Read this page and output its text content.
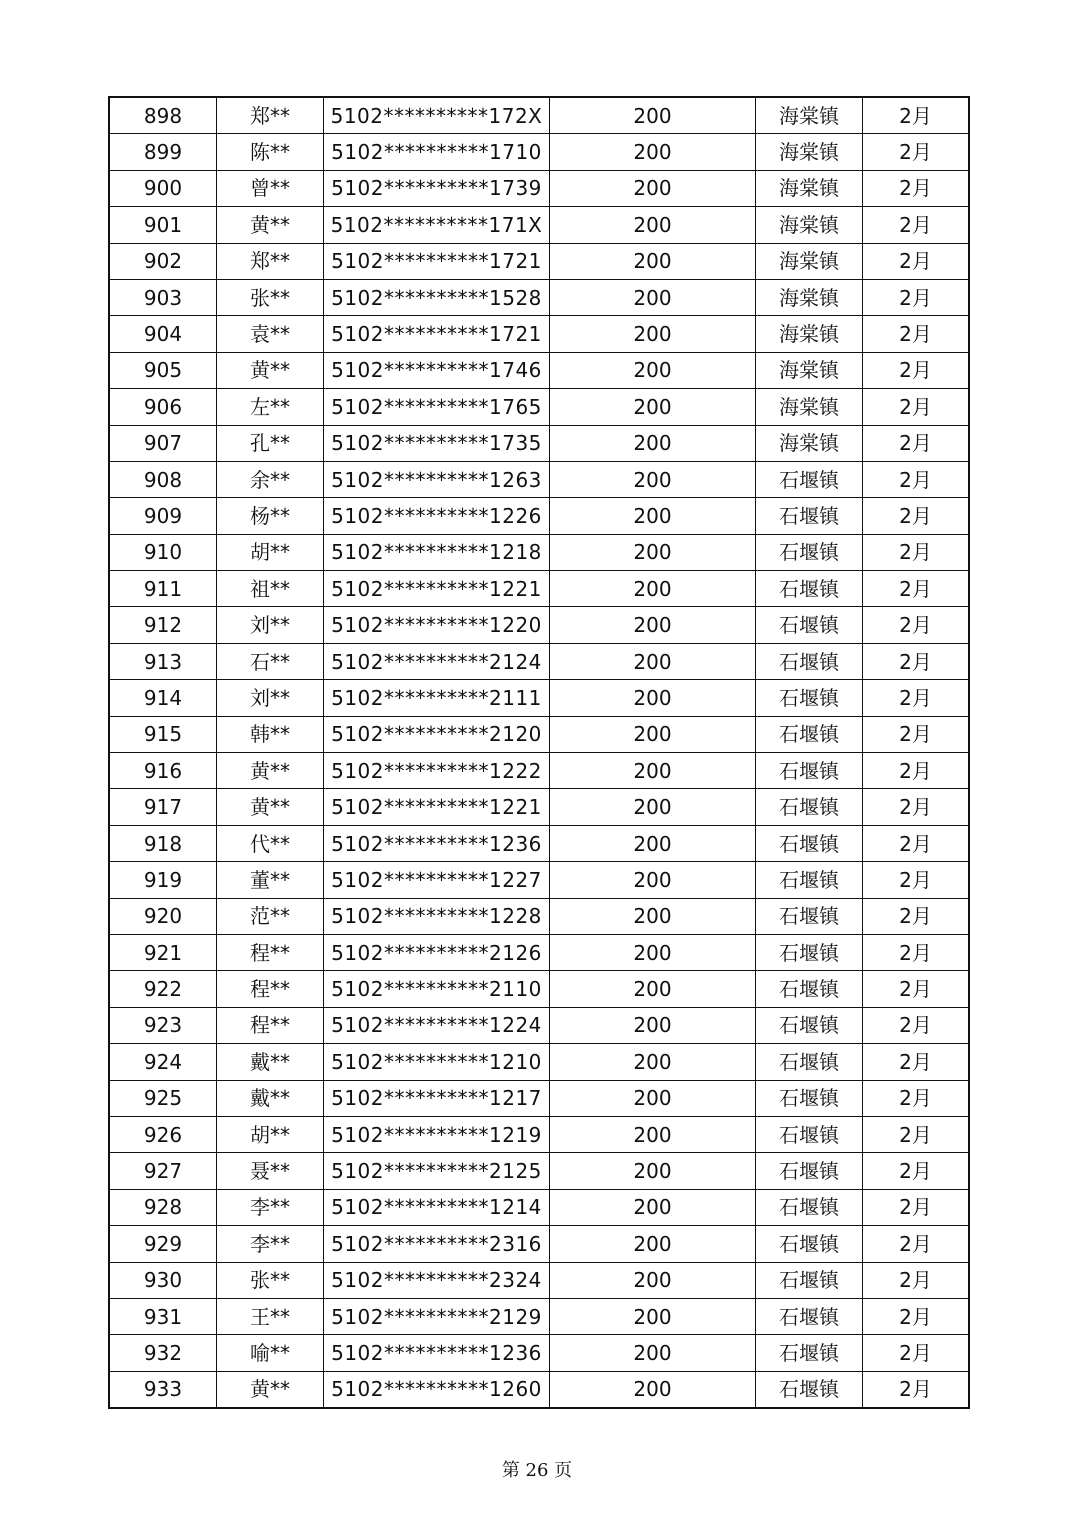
898	郑**	5102**********172X	200	海棠镇	2月
899	陈**	5102**********1710	200	海棠镇	2月
900	曾**	5102**********1739	200	海棠镇	2月
901	黄**	5102**********171X	200	海棠镇	2月
902	郑**	5102**********1721	200	海棠镇	2月
903	张**	5102**********1528	200	海棠镇	2月
904	袁**	5102**********1721	200	海棠镇	2月
905	黄**	5102**********1746	200	海棠镇	2月
906	左**	5102**********1765	200	海棠镇	2月
907	孔**	5102**********1735	200	海棠镇	2月
908	余**	5102**********1263	200	石堰镇	2月
909	杨**	5102**********1226	200	石堰镇	2月
910	胡**	5102**********1218	200	石堰镇	2月
911	祖**	5102**********1221	200	石堰镇	2月
912	刘**	5102**********1220	200	石堰镇	2月
913	石**	5102**********2124	200	石堰镇	2月
914	刘**	5102**********2111	200	石堰镇	2月
915	韩**	5102**********2120	200	石堰镇	2月
916	黄**	5102**********1222	200	石堰镇	2月
917	黄**	5102**********1221	200	石堰镇	2月
918	代**	5102**********1236	200	石堰镇	2月
919	董**	5102**********1227	200	石堰镇	2月
920	范**	5102**********1228	200	石堰镇	2月
921	程**	5102**********2126	200	石堰镇	2月
922	程**	5102**********2110	200	石堰镇	2月
923	程**	5102**********1224	200	石堰镇	2月
924	戴**	5102**********1210	200	石堰镇	2月
925	戴**	5102**********1217	200	石堰镇	2月
926	胡**	5102**********1219	200	石堰镇	2月
927	聂**	5102**********2125	200	石堰镇	2月
928	李**	5102**********1214	200	石堰镇	2月
929	李**	5102**********2316	200	石堰镇	2月
930	张**	5102**********2324	200	石堰镇	2月
931	王**	5102**********2129	200	石堰镇	2月
932	喻**	5102**********1236	200	石堰镇	2月
933	黄**	5102**********1260	200	石堰镇	2月
第 26 页
